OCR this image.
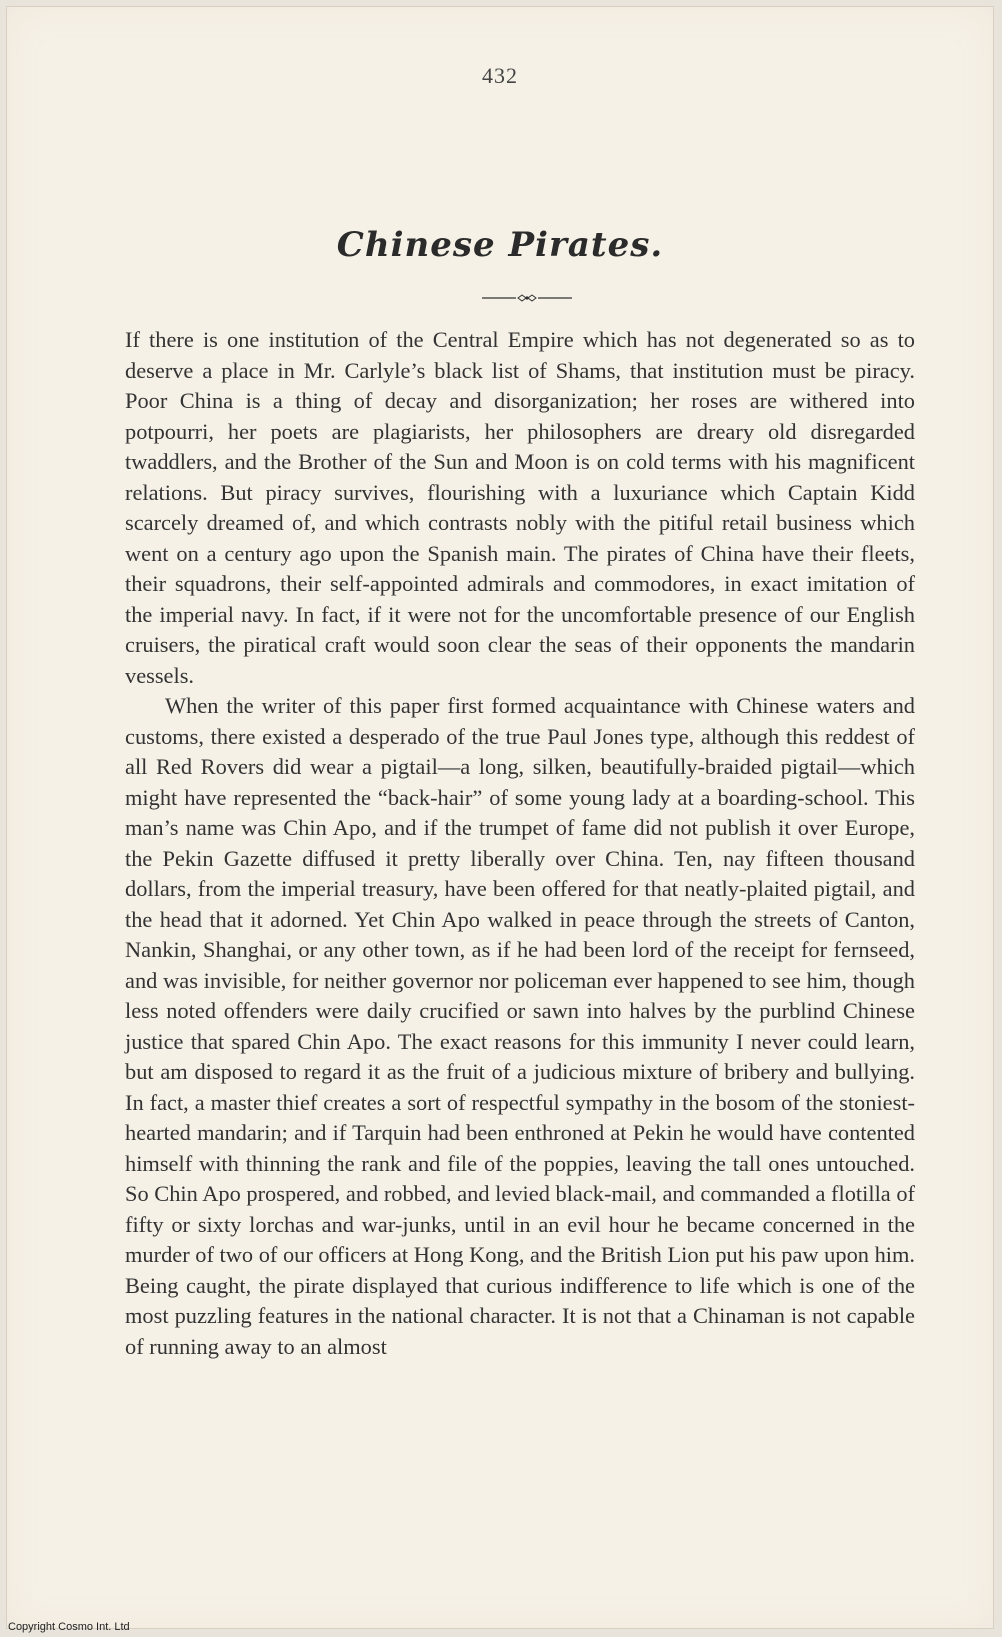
432
Chinese Pirates.

If there is one institution of the Central Empire which has not degenerated so as to deserve a place in Mr. Carlyle’s black list of Shams, that institution must be piracy. Poor China is a thing of decay and disorganization; her roses are withered into potpourri, her poets are plagiarists, her philosophers are dreary old disregarded twaddlers, and the Brother of the Sun and Moon is on cold terms with his magnificent relations. But piracy survives, flourishing with a luxuriance which Captain Kidd scarcely dreamed of, and which contrasts nobly with the pitiful retail business which went on a century ago upon the Spanish main. The pirates of China have their fleets, their squadrons, their self-appointed admirals and commodores, in exact imitation of the imperial navy. In fact, if it were not for the uncomfortable presence of our English cruisers, the piratical craft would soon clear the seas of their opponents the mandarin vessels.

When the writer of this paper first formed acquaintance with Chinese waters and customs, there existed a desperado of the true Paul Jones type, although this reddest of all Red Rovers did wear a pigtail—a long, silken, beautifully-braided pigtail—which might have represented the “back-hair” of some young lady at a boarding-school. This man’s name was Chin Apo, and if the trumpet of fame did not publish it over Europe, the Pekin Gazette diffused it pretty liberally over China. Ten, nay fifteen thousand dollars, from the imperial treasury, have been offered for that neatly-plaited pigtail, and the head that it adorned. Yet Chin Apo walked in peace through the streets of Canton, Nankin, Shanghai, or any other town, as if he had been lord of the receipt for fernseed, and was invisible, for neither governor nor policeman ever happened to see him, though less noted offenders were daily crucified or sawn into halves by the purblind Chinese justice that spared Chin Apo. The exact reasons for this immunity I never could learn, but am disposed to regard it as the fruit of a judicious mixture of bribery and bullying. In fact, a master thief creates a sort of respectful sympathy in the bosom of the stoniest-hearted mandarin; and if Tarquin had been enthroned at Pekin he would have contented himself with thinning the rank and file of the poppies, leaving the tall ones untouched. So Chin Apo prospered, and robbed, and levied black-mail, and commanded a flotilla of fifty or sixty lorchas and war-junks, until in an evil hour he became concerned in the murder of two of our officers at Hong Kong, and the British Lion put his paw upon him. Being caught, the pirate displayed that curious indifference to life which is one of the most puzzling features in the national character. It is not that a Chinaman is not capable of running away to an almost

Copyright Cosmo Int. Ltd
